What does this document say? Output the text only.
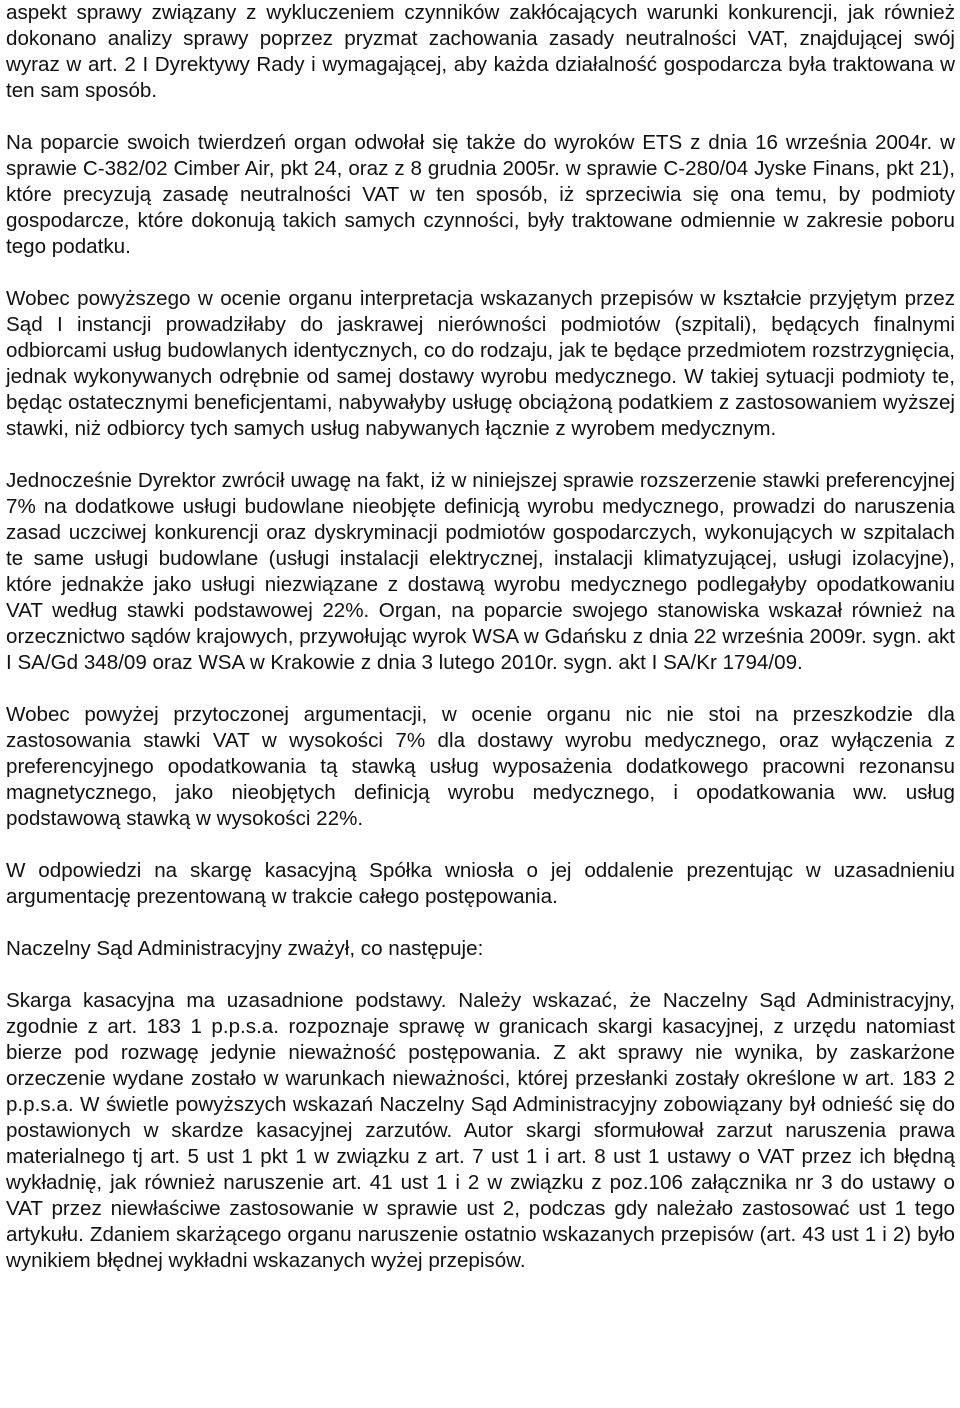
aspekt sprawy związany z wykluczeniem czynników zakłócających warunki konkurencji, jak również dokonano analizy sprawy poprzez pryzmat zachowania zasady neutralności VAT, znajdującej swój wyraz w art. 2 I Dyrektywy Rady i wymagającej, aby każda działalność gospodarcza była traktowana w ten sam sposób.

Na poparcie swoich twierdzeń organ odwołał się także do wyroków ETS z dnia 16 września 2004r. w sprawie C-382/02 Cimber Air, pkt 24, oraz z 8 grudnia 2005r. w sprawie C-280/04 Jyske Finans, pkt 21), które precyzują zasadę neutralności VAT w ten sposób, iż sprzeciwia się ona temu, by podmioty gospodarcze, które dokonują takich samych czynności, były traktowane odmiennie w zakresie poboru tego podatku.

Wobec powyższego w ocenie organu interpretacja wskazanych przepisów w kształcie przyjętym przez Sąd I instancji prowadziłaby do jaskrawej nierówności podmiotów (szpitali), będących finalnymi odbiorcami usług budowlanych identycznych, co do rodzaju, jak te będące przedmiotem rozstrzygnięcia, jednak wykonywanych odrębnie od samej dostawy wyrobu medycznego. W takiej sytuacji podmioty te, będąc ostatecznymi beneficjentami, nabywałyby usługę obciążoną podatkiem z zastosowaniem wyższej stawki, niż odbiorcy tych samych usług nabywanych łącznie z wyrobem medycznym.

Jednocześnie Dyrektor zwrócił uwagę na fakt, iż w niniejszej sprawie rozszerzenie stawki preferencyjnej 7% na dodatkowe usługi budowlane nieobjęte definicją wyrobu medycznego, prowadzi do naruszenia zasad uczciwej konkurencji oraz dyskryminacji podmiotów gospodarczych, wykonujących w szpitalach te same usługi budowlane (usługi instalacji elektrycznej, instalacji klimatyzującej, usługi izolacyjne), które jednakże jako usługi niezwiązane z dostawą wyrobu medycznego podlegałyby opodatkowaniu VAT według stawki podstawowej 22%. Organ, na poparcie swojego stanowiska wskazał również na orzecznictwo sądów krajowych, przywołując wyrok WSA w Gdańsku z dnia 22 września 2009r. sygn. akt I SA/Gd 348/09 oraz WSA w Krakowie z dnia 3 lutego 2010r. sygn. akt I SA/Kr 1794/09.

Wobec powyżej przytoczonej argumentacji, w ocenie organu nic nie stoi na przeszkodzie dla zastosowania stawki VAT w wysokości 7% dla dostawy wyrobu medycznego, oraz wyłączenia z preferencyjnego opodatkowania tą stawką usług wyposażenia dodatkowego pracowni rezonansu magnetycznego, jako nieobjętych definicją wyrobu medycznego, i opodatkowania ww. usług podstawową stawką w wysokości 22%.

W odpowiedzi na skargę kasacyjną Spółka wniosła o jej oddalenie prezentując w uzasadnieniu argumentację prezentowaną w trakcie całego postępowania.

Naczelny Sąd Administracyjny zważył, co następuje:

Skarga kasacyjna ma uzasadnione podstawy. Należy wskazać, że Naczelny Sąd Administracyjny, zgodnie z art. 183 1 p.p.s.a. rozpoznaje sprawę w granicach skargi kasacyjnej, z urzędu natomiast bierze pod rozwagę jedynie nieważność postępowania. Z akt sprawy nie wynika, by zaskarżone orzeczenie wydane zostało w warunkach nieważności, której przesłanki zostały określone w art. 183 2 p.p.s.a. W świetle powyższych wskazań Naczelny Sąd Administracyjny zobowiązany był odnieść się do postawionych w skardze kasacyjnej zarzutów. Autor skargi sformułował zarzut naruszenia prawa materialnego tj art. 5 ust 1 pkt 1 w związku z art. 7 ust 1 i art. 8 ust 1 ustawy o VAT przez ich błędną wykładnię, jak również naruszenie art. 41 ust 1 i 2 w związku z poz.106 załącznika nr 3 do ustawy o VAT przez niewłaściwe zastosowanie w sprawie ust 2, podczas gdy należało zastosować ust 1 tego artykułu. Zdaniem skarżącego organu naruszenie ostatnio wskazanych przepisów (art. 43 ust 1 i 2) było wynikiem błędnej wykładni wskazanych wyżej przepisów.
